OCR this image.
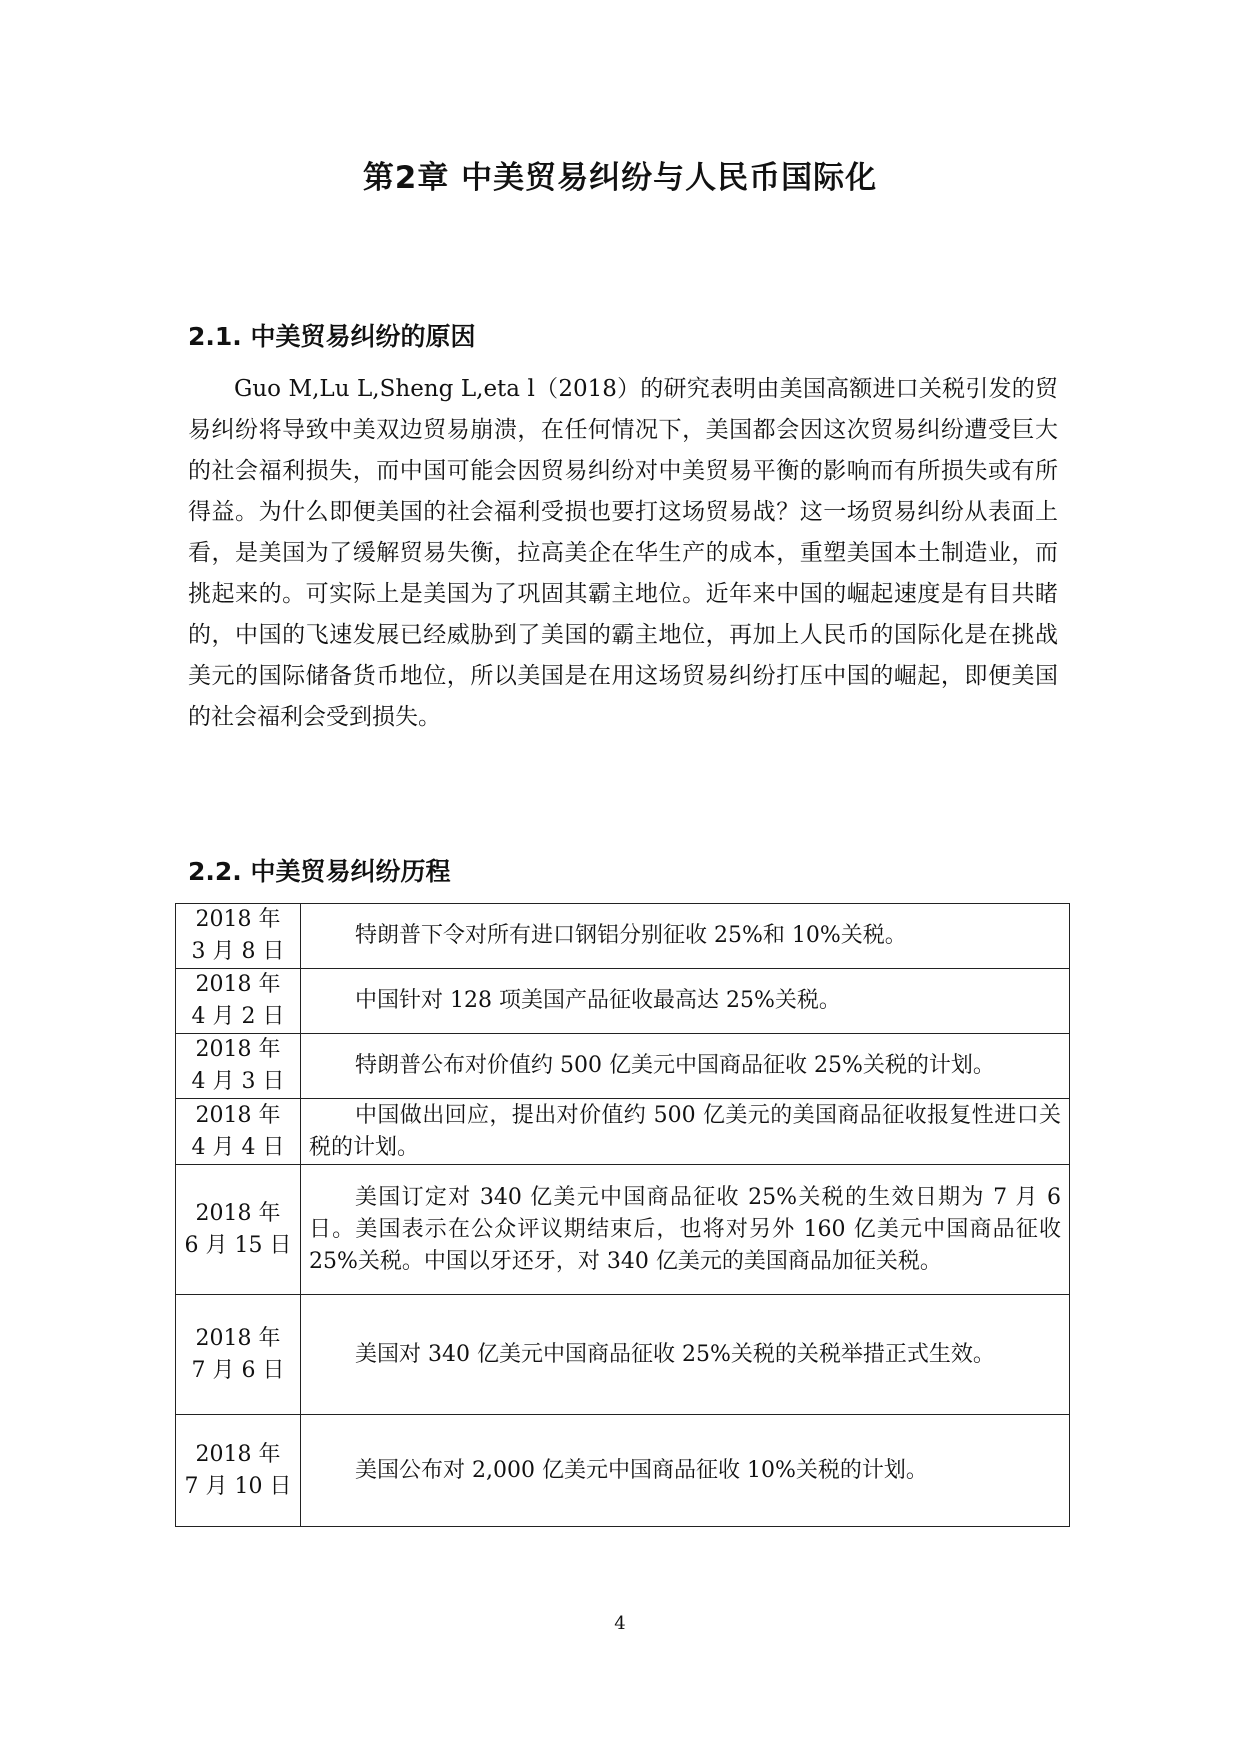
第2章 中美贸易纠纷与人民币国际化
2.1. 中美贸易纠纷的原因

Guo M,Lu L,Sheng L,eta l（2018）的研究表明由美国高额进口关税引发的贸易纠纷将导致中美双边贸易崩溃，在任何情况下，美国都会因这次贸易纠纷遭受巨大的社会福利损失，而中国可能会因贸易纠纷对中美贸易平衡的影响而有所损失或有所得益。为什么即便美国的社会福利受损也要打这场贸易战？这一场贸易纠纷从表面上看，是美国为了缓解贸易失衡，拉高美企在华生产的成本，重塑美国本土制造业，而挑起来的。可实际上是美国为了巩固其霸主地位。近年来中国的崛起速度是有目共睹的，中国的飞速发展已经威胁到了美国的霸主地位，再加上人民币的国际化是在挑战美元的国际储备货币地位，所以美国是在用这场贸易纠纷打压中国的崛起，即便美国的社会福利会受到损失。

2.2. 中美贸易纠纷历程
2018 年
3 月 8 日	特朗普下令对所有进口钢铝分别征收 25%和 10%关税。
2018 年
4 月 2 日	中国针对 128 项美国产品征收最高达 25%关税。
2018 年
4 月 3 日	特朗普公布对价值约 500 亿美元中国商品征收 25%关税的计划。
2018 年
4 月 4 日	中国做出回应，提出对价值约 500 亿美元的美国商品征收报复性进口关税的计划。
2018 年
6 月 15 日	美国订定对 340 亿美元中国商品征收 25%关税的生效日期为 7 月 6 日。美国表示在公众评议期结束后，也将对另外 160 亿美元中国商品征收 25%关税。中国以牙还牙，对 340 亿美元的美国商品加征关税。
2018 年
7 月 6 日	美国对 340 亿美元中国商品征收 25%关税的关税举措正式生效。
2018 年
7 月 10 日	美国公布对 2,000 亿美元中国商品征收 10%关税的计划。
4
